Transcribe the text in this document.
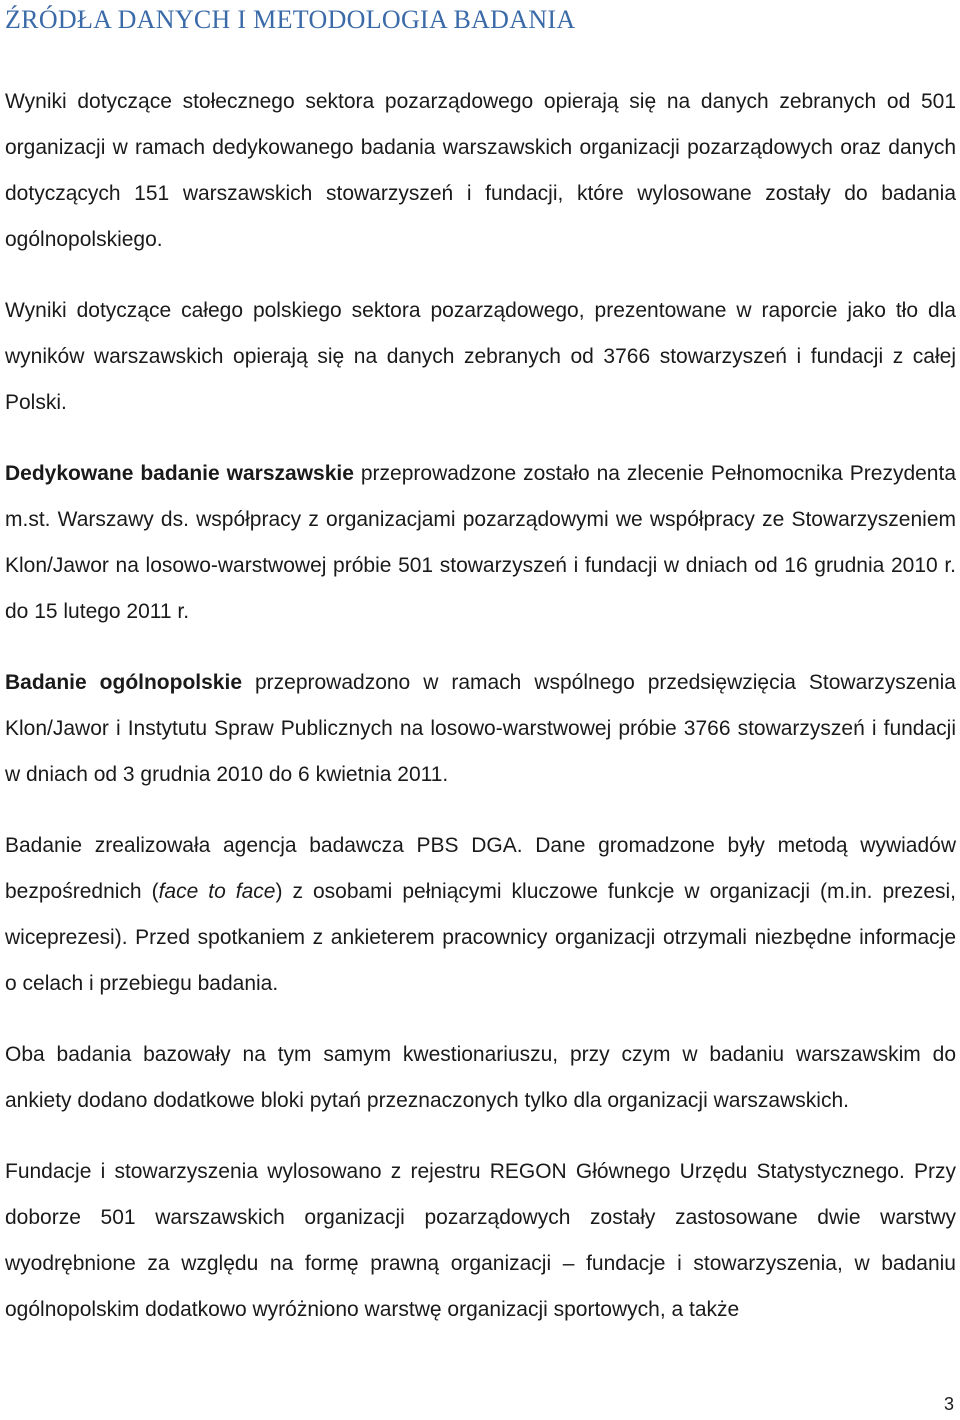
ŹRÓDŁA DANYCH I METODOLOGIA BADANIA

Wyniki dotyczące stołecznego sektora pozarządowego opierają się na danych zebranych od 501 organizacji w ramach dedykowanego badania warszawskich organizacji pozarządowych oraz danych dotyczących 151 warszawskich stowarzyszeń i fundacji, które wylosowane zostały do badania ogólnopolskiego.

Wyniki dotyczące całego polskiego sektora pozarządowego, prezentowane w raporcie jako tło dla wyników warszawskich opierają się na danych zebranych od 3766 stowarzyszeń i fundacji z całej Polski.

Dedykowane badanie warszawskie przeprowadzone zostało na zlecenie Pełnomocnika Prezydenta m.st. Warszawy ds. współpracy z organizacjami pozarządowymi we współpracy ze Stowarzyszeniem Klon/Jawor na losowo-warstwowej próbie 501 stowarzyszeń i fundacji w dniach od 16 grudnia 2010 r. do 15 lutego 2011 r.

Badanie ogólnopolskie przeprowadzono w ramach wspólnego przedsięwzięcia Stowarzyszenia Klon/Jawor i Instytutu Spraw Publicznych na losowo-warstwowej próbie 3766 stowarzyszeń i fundacji w dniach od 3 grudnia 2010 do 6 kwietnia 2011.

Badanie zrealizowała agencja badawcza PBS DGA. Dane gromadzone były metodą wywiadów bezpośrednich (face to face) z osobami pełniącymi kluczowe funkcje w organizacji (m.in. prezesi, wiceprezesi). Przed spotkaniem z ankieterem pracownicy organizacji otrzymali niezbędne informacje o celach i przebiegu badania.

Oba badania bazowały na tym samym kwestionariuszu, przy czym w badaniu warszawskim do ankiety dodano dodatkowe bloki pytań przeznaczonych tylko dla organizacji warszawskich.

Fundacje i stowarzyszenia wylosowano z rejestru REGON Głównego Urzędu Statystycznego. Przy doborze 501 warszawskich organizacji pozarządowych zostały zastosowane dwie warstwy wyodrębnione za względu na formę prawną organizacji – fundacje i stowarzyszenia, w badaniu ogólnopolskim dodatkowo wyróżniono warstwę organizacji sportowych, a także

3
